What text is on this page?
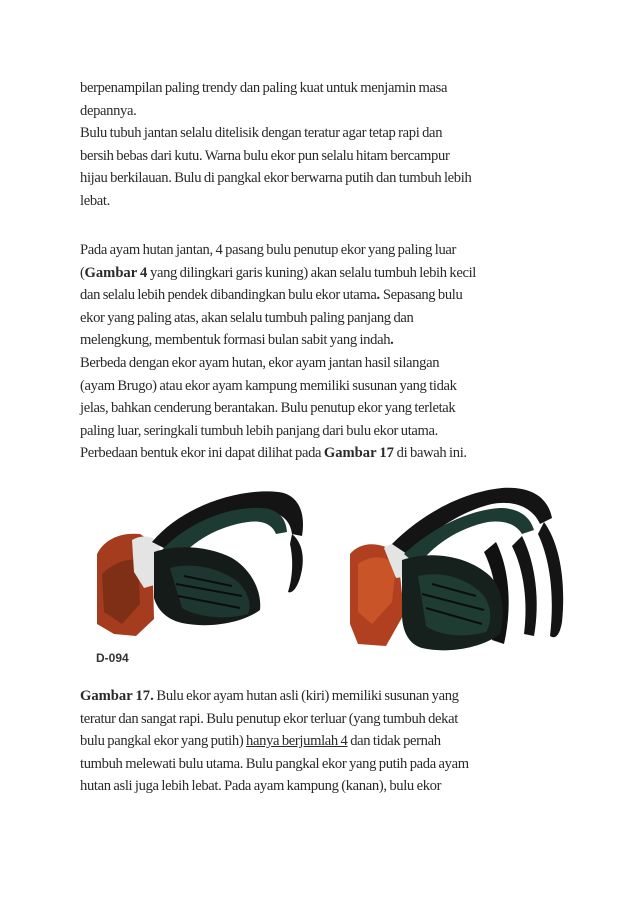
berpenampilan paling trendy dan paling kuat untuk menjamin masa
depannya.

Bulu tubuh jantan selalu ditelisik dengan teratur agar tetap rapi dan
bersih bebas dari kutu. Warna bulu ekor pun selalu hitam bercampur
hijau berkilauan. Bulu di pangkal ekor berwarna putih dan tumbuh lebih
lebat.

Pada ayam hutan jantan, 4 pasang bulu penutup ekor yang paling luar
(Gambar 4 yang dilingkari garis kuning) akan selalu tumbuh lebih kecil
dan selalu lebih pendek dibandingkan bulu ekor utama. Sepasang bulu
ekor yang paling atas, akan selalu tumbuh paling panjang dan
melengkung, membentuk formasi bulan sabit yang indah.

Berbeda dengan ekor ayam hutan, ekor ayam jantan hasil silangan
(ayam Brugo) atau ekor ayam kampung memiliki susunan yang tidak
jelas, bahkan cenderung berantakan. Bulu penutup ekor yang terletak
paling luar, seringkali tumbuh lebih panjang dari bulu ekor utama.
Perbedaan bentuk ekor ini dapat dilihat pada Gambar 17 di bawah ini.

D-094

Gambar 17. Bulu ekor ayam hutan asli (kiri) memiliki susunan yang
teratur dan sangat rapi. Bulu penutup ekor terluar (yang tumbuh dekat
bulu pangkal ekor yang putih) hanya berjumlah 4 dan tidak pernah
tumbuh melewati bulu utama. Bulu pangkal ekor yang putih pada ayam
hutan asli juga lebih lebat. Pada ayam kampung (kanan), bulu ekor
